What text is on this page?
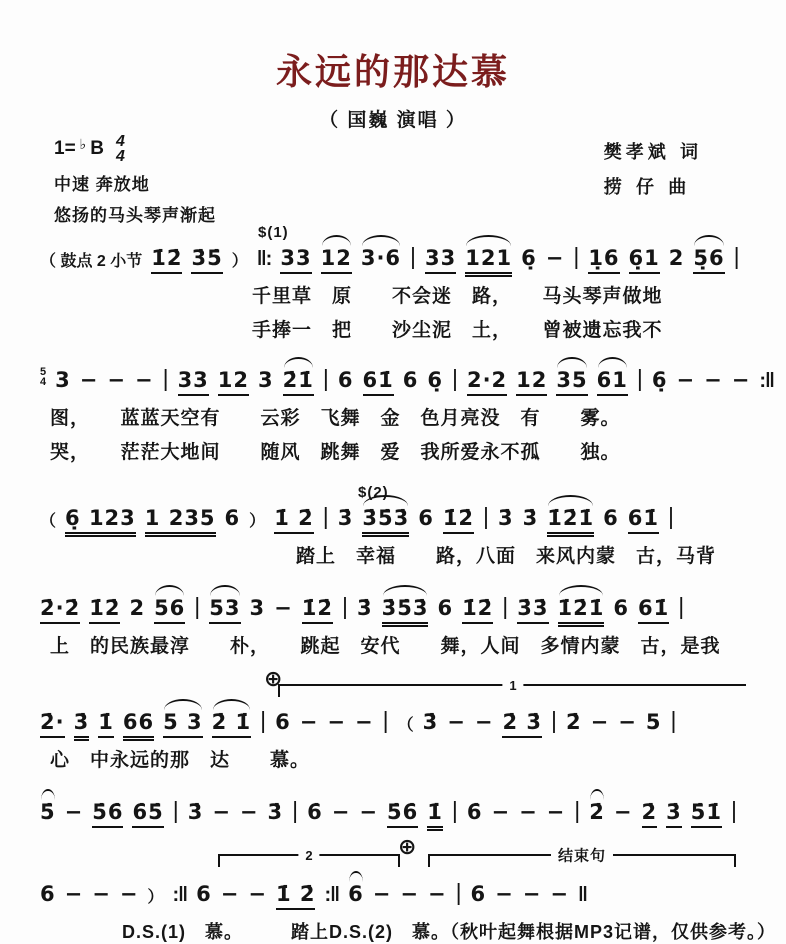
永远的那达慕
（ 国巍 演唱 ）
1= ♭ B 4
4
中速 奔放地
悠扬的马头琴声渐起
樊孝斌 词
捞 仔 曲
$(1)
（ 鼓点 2 小节 1̇2̇ 3̇5̇ ） ‖: 33 12 3·6 | 33 121 6̣ − | 1̣6 6̣1 2 5̣6 |
千里草　原　　不会迷　路，　　马头琴声做地
手捧一　把　　沙尘泥　土，　　曾被遗忘我不
5
4 3 − − − | 33 12 3 2̇1̇ | 6 61̇ 6 6̣ | 2·2 12 35 61 | 6̣ − − − :‖
图，　　蓝蓝天空有　　云彩　飞舞　金　色月亮没　有　　雾。
哭，　　茫茫大地间　　随风　跳舞　爱　我所爱永不孤　　独。
$(2)
（ 6̣ 123 1 235 6 ） 1̇ 2̇ | 3̇ 3̇5̇3̇ 6 1̇2̇ | 3̇ 3̇ 1̇2̇1̇ 6 61̇ |
踏上　幸福　　路，八面　来风内蒙　古，马背
2̇·2̇ 1̇2̇ 2 56 | 53 3 − 1̇2̇ | 3̇ 3̇5̇3̇ 6 1̇2̇ | 3̇3̇ 1̇2̇1̇ 6 61̇ |
上　的民族最淳　　朴，　　跳起　安代　　舞，人间　多情内蒙　古，是我
⊕	1
2̇· 3̇ 1̇ 66 5 3 2̇ 1̇ | 6 − − − | （ 3̇ − − 2̇ 3̇ | 2̇ − − 5 |
心　中永远的那　达　　慕。
5̇ − 5̇6̇ 6̇5̇ | 3̇ − − 3̇ | 6̇ − − 5̇6̇ 1̇̇ | 6̇ − − − | 2̇ − 2̇ 3̇ 5̇1̇ |
2	⊕	结束句
6 − − − ） :‖ 6 − − 1̇ 2̇ :‖ 6 − − − | 6 − − − ‖
D.S.(1)　慕。　　　踏上D.S.(2)　慕。（秋叶起舞根据MP3记谱，仅供参考。）
